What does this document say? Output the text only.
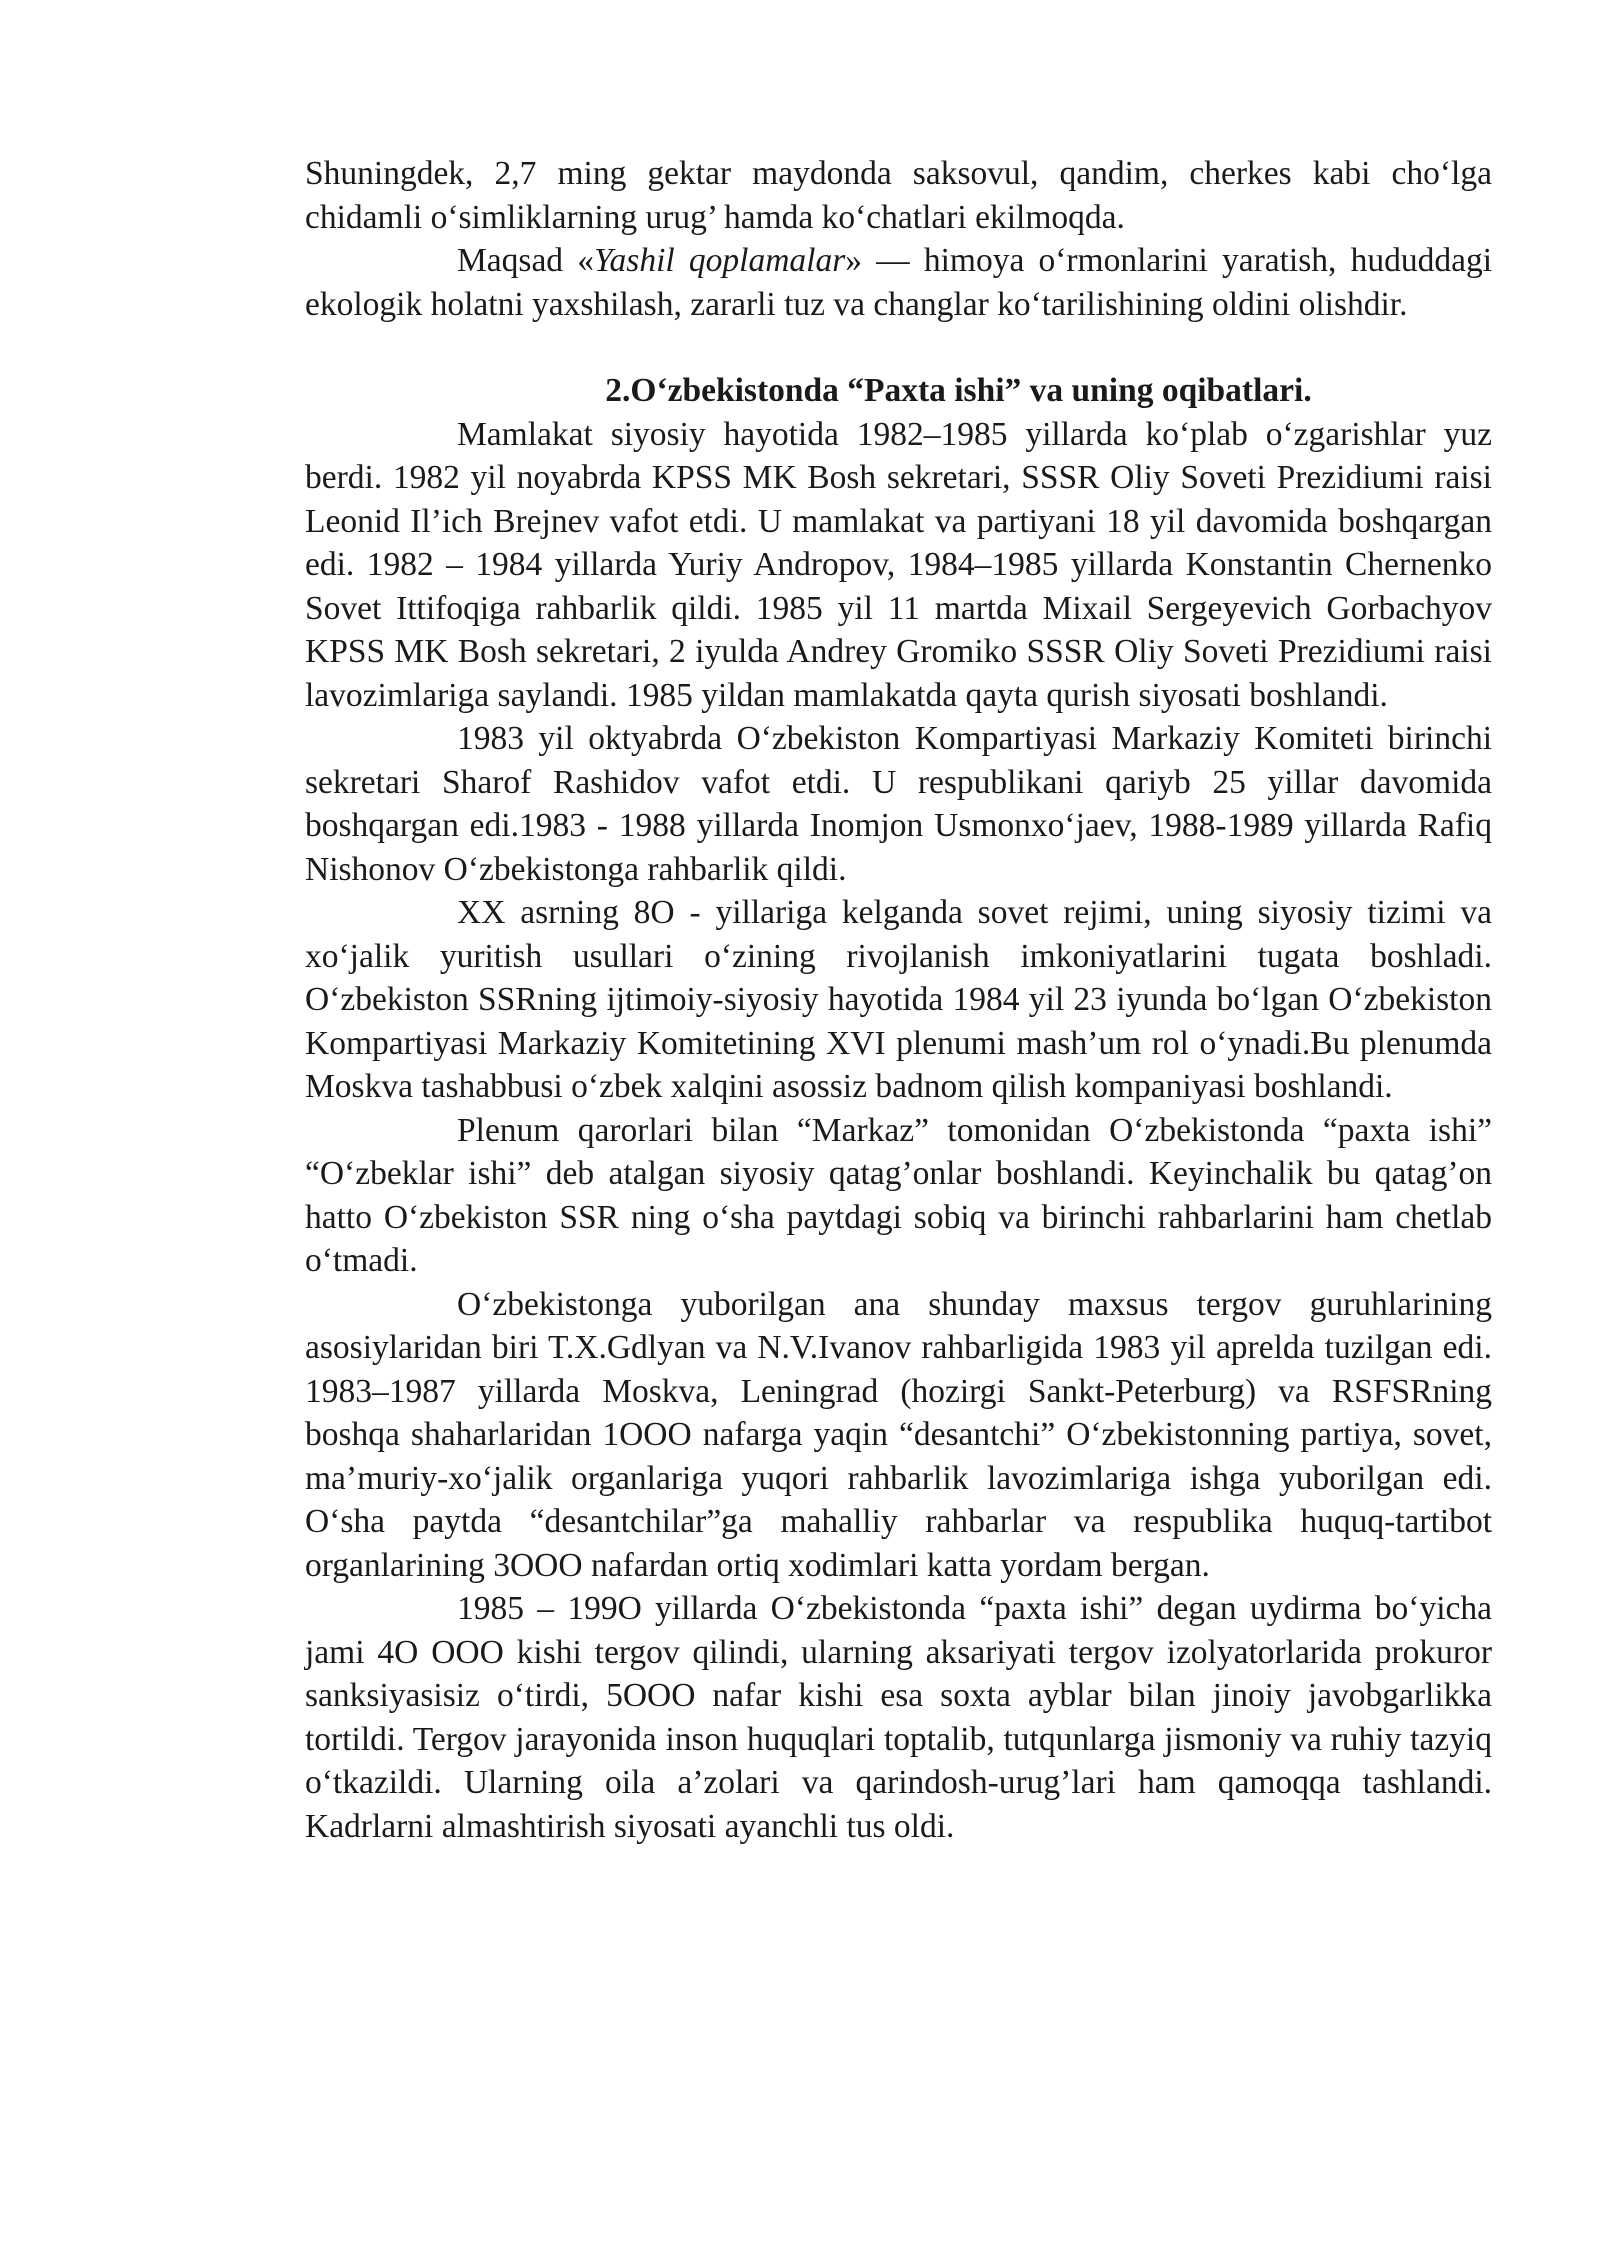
Shuningdek, 2,7 ming gektar maydonda saksovul, qandim, cherkes kabi cho‘lga chidamli o‘simliklarning urug’ hamda ko‘chatlari ekilmoqda.

Maqsad «Yashil qoplamalar» — himoya o‘rmonlarini yaratish, hududdagi ekologik holatni yaxshilash, zararli tuz va changlar ko‘tarilishining oldini olishdir.

2.O‘zbekistonda “Paxta ishi” va uning oqibatlari.

Mamlakat siyosiy hayotida 1982–1985 yillarda ko‘plab o‘zgarishlar yuz berdi. 1982 yil noyabrda KPSS MK Bosh sekretari, SSSR Oliy Soveti Prezidiumi raisi Leonid Il’ich Brejnev vafot etdi. U mamlakat va partiyani 18 yil davomida boshqargan edi. 1982 – 1984 yillarda Yuriy Andropov, 1984–1985 yillarda Konstantin Chernenko Sovet Ittifoqiga rahbarlik qildi. 1985 yil 11 martda Mixail Sergeyevich Gorbachyov KPSS MK Bosh sekretari, 2 iyulda Andrey Gromiko SSSR Oliy Soveti Prezidiumi raisi lavozimlariga saylandi. 1985 yildan mamlakatda qayta qurish siyosati boshlandi.

1983 yil oktyabrda O‘zbekiston Kompartiyasi Markaziy Komiteti birinchi sekretari Sharof Rashidov vafot etdi. U respublikani qariyb 25 yillar davomida boshqargan edi.1983 - 1988 yillarda Inomjon Usmonxo‘jaev, 1988-1989 yillarda Rafiq Nishonov O‘zbekistonga rahbarlik qildi.

XX asrning 8O - yillariga kelganda sovet rejimi, uning siyosiy tizimi va xo‘jalik yuritish usullari o‘zining rivojlanish imkoniyatlarini tugata boshladi. O‘zbekiston SSRning ijtimoiy-siyosiy hayotida 1984 yil 23 iyunda bo‘lgan O‘zbekiston Kompartiyasi Markaziy Komitetining XVI plenumi mash’um rol o‘ynadi.Bu plenumda Moskva tashabbusi o‘zbek xalqini asossiz badnom qilish kompaniyasi boshlandi.

Plenum qarorlari bilan “Markaz” tomonidan O‘zbekistonda “paxta ishi” “O‘zbeklar ishi” deb atalgan siyosiy qatag’onlar boshlandi. Keyinchalik bu qatag’on hatto O‘zbekiston SSR ning o‘sha paytdagi sobiq va birinchi rahbarlarini ham chetlab o‘tmadi.

O‘zbekistonga yuborilgan ana shunday maxsus tergov guruhlarining asosiylaridan biri T.X.Gdlyan va N.V.Ivanov rahbarligida 1983 yil aprelda tuzilgan edi. 1983–1987 yillarda Moskva, Leningrad (hozirgi Sankt-Peterburg) va RSFSRning boshqa shaharlaridan 1OOO nafarga yaqin “desantchi” O‘zbekistonning partiya, sovet, ma’muriy-xo‘jalik organlariga yuqori rahbarlik lavozimlariga ishga yuborilgan edi. O‘sha paytda “desantchilar”ga mahalliy rahbarlar va respublika huquq-tartibot organlarining 3OOO nafardan ortiq xodimlari katta yordam bergan.

1985 – 199O yillarda O‘zbekistonda “paxta ishi” degan uydirma bo‘yicha jami 4O OOO kishi tergov qilindi, ularning aksariyati tergov izolyatorlarida prokuror sanksiyasisiz o‘tirdi, 5OOO nafar kishi esa soxta ayblar bilan jinoiy javobgarlikka tortildi. Tergov jarayonida inson huquqlari toptalib, tutqunlarga jismoniy va ruhiy tazyiq o‘tkazildi. Ularning oila a’zolari va qarindosh-urug’lari ham qamoqqa tashlandi. Kadrlarni almashtirish siyosati ayanchli tus oldi.
